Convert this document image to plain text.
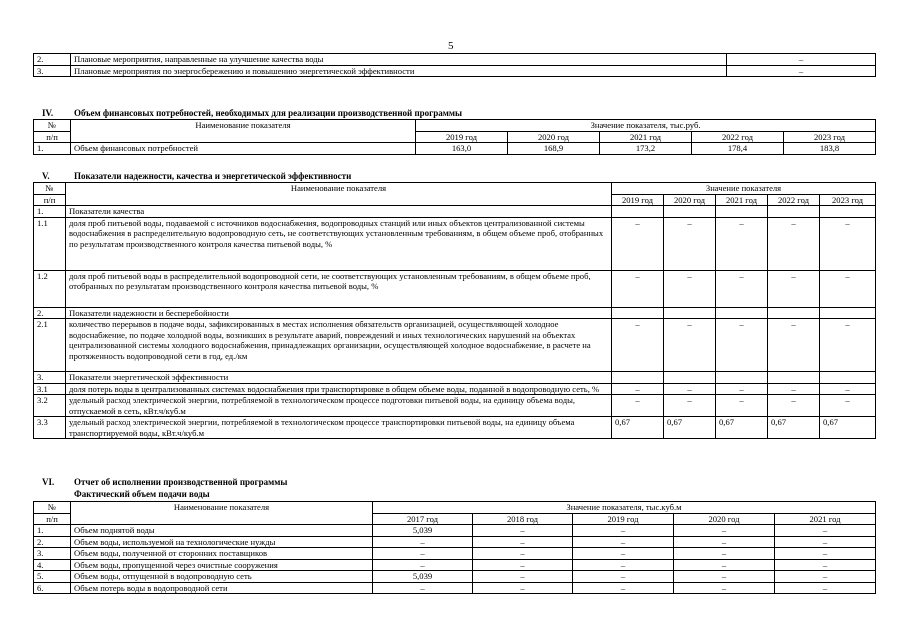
5
2.	Плановые мероприятия, направленные на улучшение качества воды	–
3.	Плановые мероприятия по энергосбережению и повышению энергетической эффективности	–
IV. Объем финансовых потребностей, необходимых для реализации производственной программы
№	Наименование показателя	Значение показателя, тыс.руб.				
п/п		2019 год	2020 год	2021 год	2022 год	2023 год
1.	Объем финансовых потребностей	163,0	168,9	173,2	178,4	183,8
V.	Показатели надежности, качества и энергетической эффективности
№	Наименование показателя	Значение показателя				
п/п		2019 год	2020 год	2021 год	2022 год	2023 год
1.	Показатели качества					
1.1	доля проб питьевой воды, подаваемой с источников водоснабжения, водопроводных станций или иных объектов централизованной системы водоснабжения в распределительную водопроводную сеть, не соответствующих установленным требованиям, в общем объеме проб, отобранных по результатам производственного контроля качества питьевой воды, %	–	–	–	–	–
1.2	доля проб питьевой воды в распределительной водопроводной сети, не соответствующих установленным требованиям, в общем объеме проб, отобранных по результатам производственного контроля качества питьевой воды, %	–	–	–	–	–
2.	Показатели надежности и бесперебойности					
2.1	количество перерывов в подаче воды, зафиксированных в местах исполнения обязательств организацией, осуществляющей холодное водоснабжение, по подаче холодной воды, возникших в результате аварий, повреждений и иных технологических нарушений на объектах централизованной системы холодного водоснабжения, принадлежащих организации, осуществляющей холодное водоснабжение, в расчете на протяженность водопроводной сети в год, ед./км	–	–	–	–	–
3.	Показатели энергетической эффективности					
3.1	доля потерь воды в централизованных системах водоснабжения при транспортировке в общем объеме воды, поданной в водопроводную сеть, %	–	–	–	–	–
3.2	удельный расход электрической энергии, потребляемой в технологическом процессе подготовки питьевой воды, на единицу объема воды, отпускаемой в сеть, кВт.ч/куб.м	–	–	–	–	–
3.3	удельный расход электрической энергии, потребляемой в технологическом процессе транспортировки питьевой воды, на единицу объема транспортируемой воды, кВт.ч/куб.м	0,67	0,67	0,67	0,67	0,67
VI. Отчет об исполнении производственной программы
Фактический объем подачи воды
№	Наименование показателя	Значение показателя, тыс.куб.м				
п/п		2017 год	2018 год	2019 год	2020 год	2021 год
1.	Объем поднятой воды	5,039	–	–	–	–
2.	Объем воды, используемой на технологические нужды	–	–	–	–	–
3.	Объем воды, полученной от сторонних поставщиков	–	–	–	–	–
4.	Объем воды, пропущенной через очистные сооружения	–	–	–	–	–
5.	Объем воды, отпущенной в водопроводную сеть	5,039	–	–	–	–
6.	Объем потерь воды в водопроводной сети	–	–	–	–	–
